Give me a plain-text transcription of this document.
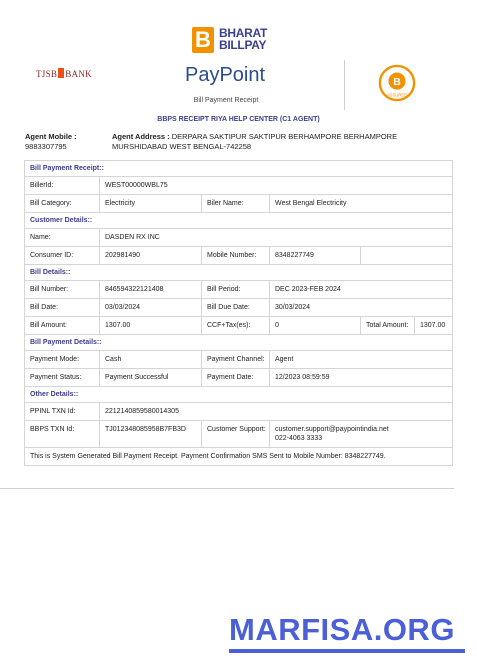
B BHARAT
BILLPAY
TJSB BANK	PayPoint	B
ASSURED
Bill Payment Receipt
BBPS RECEIPT RIYA HELP CENTER (C1 AGENT)
Agent Mobile :
9883307795
Agent Address : DERPARA SAKTIPUR SAKTIPUR BERHAMPORE BERHAMPORE MURSHIDABAD WEST BENGAL-742258
Bill Payment Receipt::
BillerId:	WEST00000WBL75
Bill Category:	Electricity	Biler Name:	West Bengal Electricity
Customer Details::
Name:	DASDEN RX INC
Consumer ID:	202981490	Mobile Number:	8348227749
Bill Details::
Bill Number:	846594322121408	Bill Period:	DEC 2023-FEB 2024
Bill Date:	03/03/2024	Bill Due Date:	30/03/2024
Bill Amount:	1307.00	CCF+Tax(es):	0	Total Amount:	1307.00
Bill Payment Details::
Payment Mode:	Cash	Payment Channel:	Agent
Payment Status:	Payment Successful	Payment Date:	12/2023 08:59:59
Other Details::
PPINL TXN Id:	2212140859580014305
BBPS TXN Id:	TJ012348085958B7FB3D	Customer Support:	customer.support@paypointindia.net
022-4063 3333
This is System Generated Bill Payment Receipt. Payment Confirmation SMS Sent to Mobile Number: 8348227749.
MARFISA.ORG
